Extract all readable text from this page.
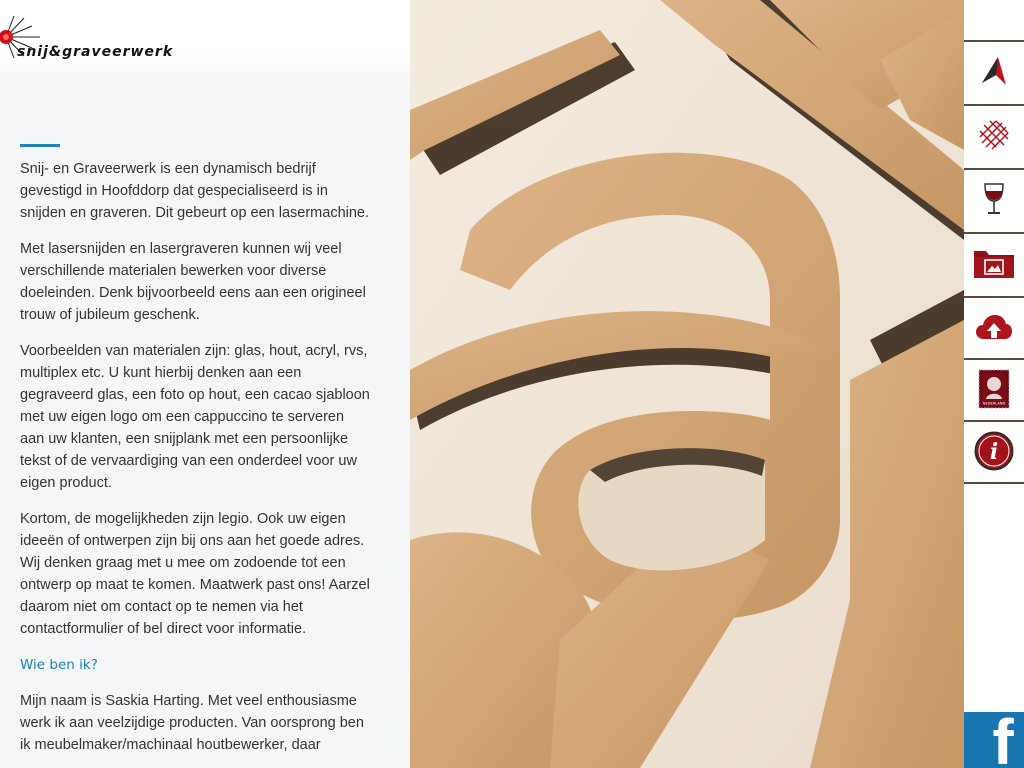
snij&graveerwerk

Snij- en Graveerwerk is een dynamisch bedrijf gevestigd in Hoofddorp dat gespecialiseerd is in snijden en graveren. Dit gebeurt op een lasermachine.

Met lasersnijden en lasergraveren kunnen wij veel verschillende materialen bewerken voor diverse doeleinden. Denk bijvoorbeeld eens aan een origineel trouw of jubileum geschenk.

Voorbeelden van materialen zijn: glas, hout, acryl, rvs, multiplex etc. U kunt hierbij denken aan een gegraveerd glas, een foto op hout, een cacao sjabloon met uw eigen logo om een cappuccino te serveren aan uw klanten, een snijplank met een persoonlijke tekst of de vervaardiging van een onderdeel voor uw eigen product.

Kortom, de mogelijkheden zijn legio. Ook uw eigen ideeën of ontwerpen zijn bij ons aan het goede adres. Wij denken graag met u mee om zodoende tot een ontwerp op maat te komen. Maatwerk past ons! Aarzel daarom niet om contact op te nemen via het contactformulier of bel direct voor informatie.

Wie ben ik?

Mijn naam is Saskia Harting. Met veel enthousiasme werk ik aan veelzijdige producten. Van oorsprong ben ik meubelmaker/machinaal houtbewerker, daar

NEDERLAND
i
f
